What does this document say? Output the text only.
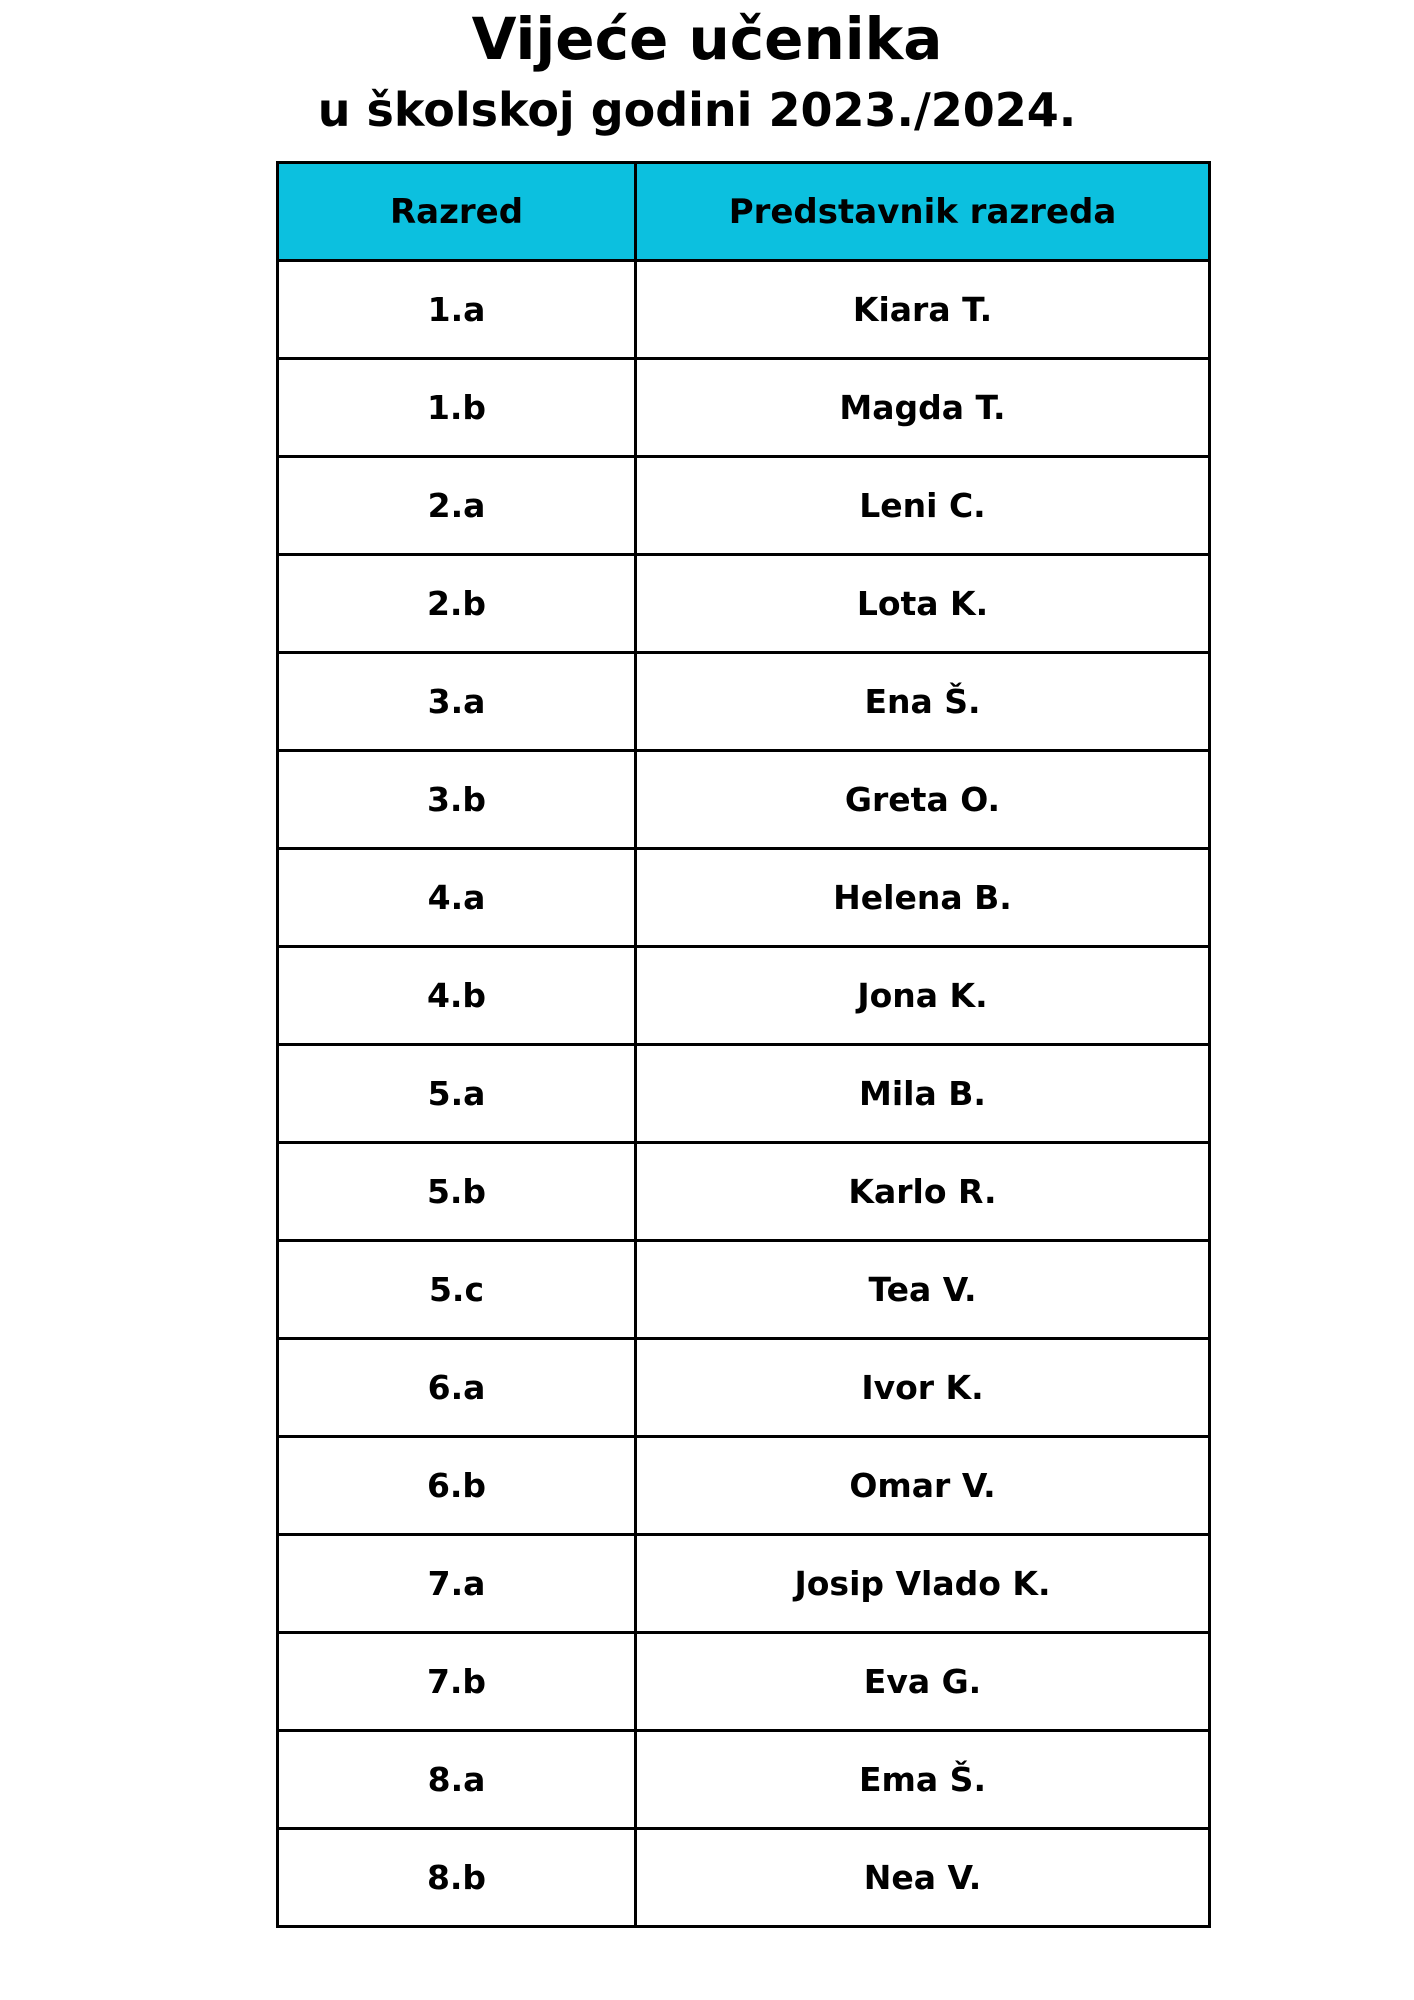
Vijeće učenika
u školskoj godini 2023./2024.
Razred	Predstavnik razreda
1.a	Kiara T.
1.b	Magda T.
2.a	Leni C.
2.b	Lota K.
3.a	Ena Š.
3.b	Greta O.
4.a	Helena B.
4.b	Jona K.
5.a	Mila B.
5.b	Karlo R.
5.c	Tea V.
6.a	Ivor K.
6.b	Omar V.
7.a	Josip Vlado K.
7.b	Eva G.
8.a	Ema Š.
8.b	Nea V.
